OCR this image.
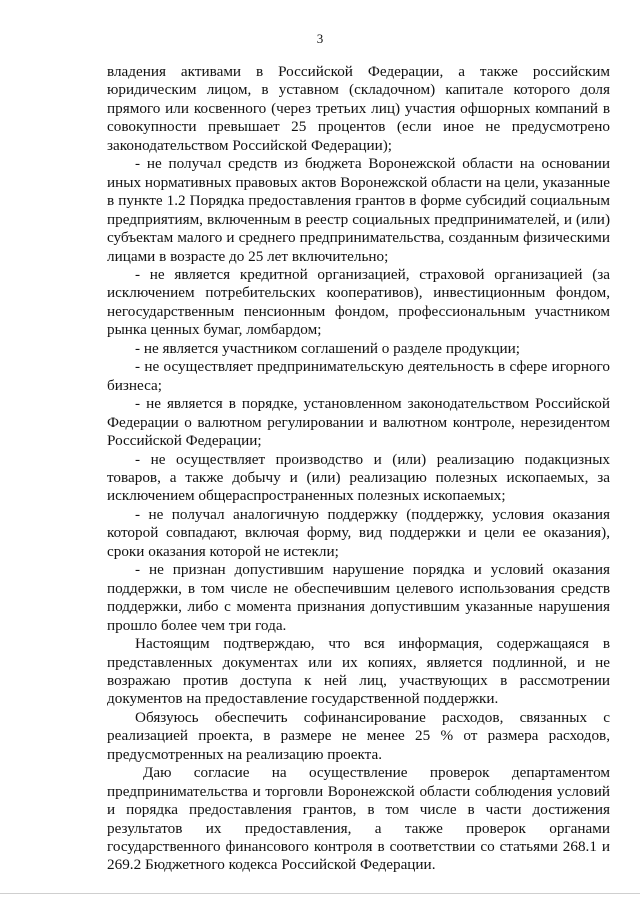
3

владения активами в Российской Федерации, а также российским юридическим лицом, в уставном (складочном) капитале которого доля прямого или косвенного (через третьих лиц) участия офшорных компаний в совокупности превышает 25 процентов (если иное не предусмотрено законодательством Российской Федерации);

- не получал средств из бюджета Воронежской области на основании иных нормативных правовых актов Воронежской области на цели, указанные в пункте 1.2 Порядка предоставления грантов в форме субсидий социальным предприятиям, включенным в реестр социальных предпринимателей, и (или) субъектам малого и среднего предпринимательства, созданным физическими лицами в возрасте до 25 лет включительно;

- не является кредитной организацией, страховой организацией (за исключением потребительских кооперативов), инвестиционным фондом, негосударственным пенсионным фондом, профессиональным участником рынка ценных бумаг, ломбардом;

- не является участником соглашений о разделе продукции;

- не осуществляет предпринимательскую деятельность в сфере игорного бизнеса;

- не является в порядке, установленном законодательством Российской Федерации о валютном регулировании и валютном контроле, нерезидентом Российской Федерации;

- не осуществляет производство и (или) реализацию подакцизных товаров, а также добычу и (или) реализацию полезных ископаемых, за исключением общераспространенных полезных ископаемых;

- не получал аналогичную поддержку (поддержку, условия оказания которой совпадают, включая форму, вид поддержки и цели ее оказания), сроки оказания которой не истекли;

- не признан допустившим нарушение порядка и условий оказания поддержки, в том числе не обеспечившим целевого использования средств поддержки, либо с момента признания допустившим указанные нарушения прошло более чем три года.

Настоящим подтверждаю, что вся информация, содержащаяся в представленных документах или их копиях, является подлинной, и не возражаю против доступа к ней лиц, участвующих в рассмотрении документов на предоставление государственной поддержки.

Обязуюсь обеспечить софинансирование расходов, связанных с реализацией проекта, в размере не менее 25 % от размера расходов, предусмотренных на реализацию проекта.

Даю согласие на осуществление проверок департаментом предпринимательства и торговли Воронежской области соблюдения условий и порядка предоставления грантов, в том числе в части достижения результатов их предоставления, а также проверок органами государственного финансового контроля в соответствии со статьями 268.1 и 269.2 Бюджетного кодекса Российской Федерации.
